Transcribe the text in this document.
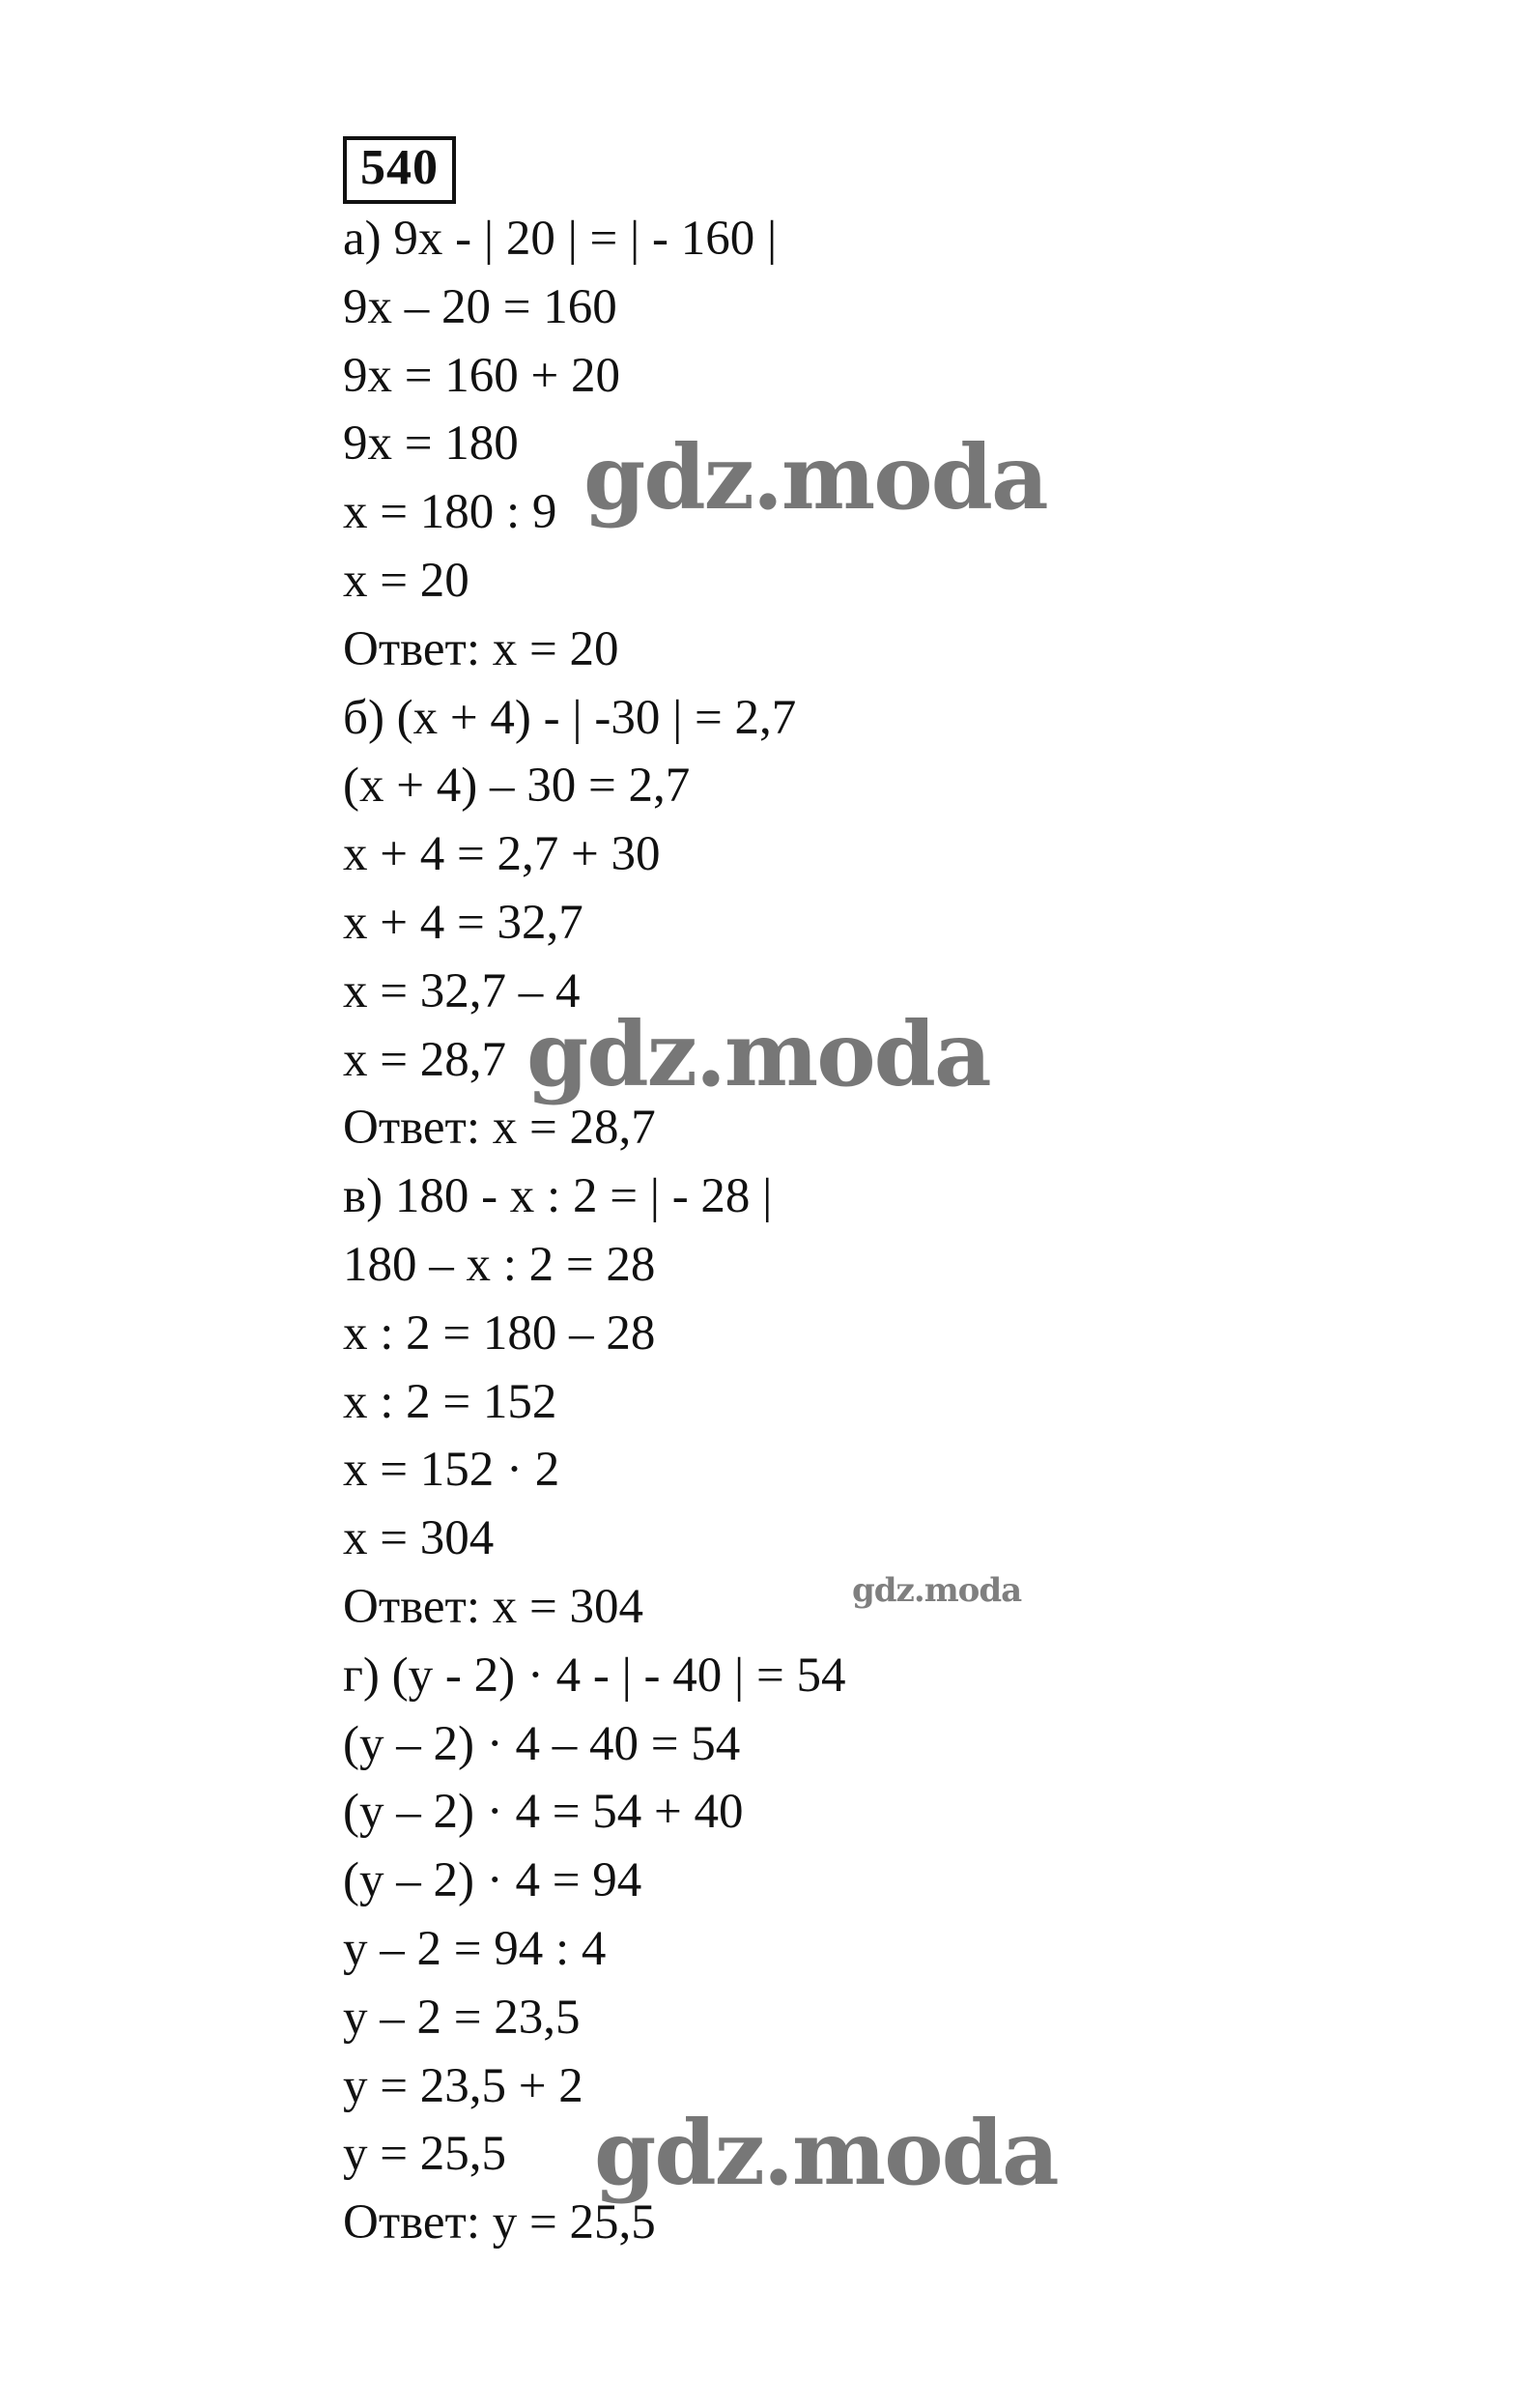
540
а) 9x - | 20 | = | - 160 |
9x – 20 = 160
9x = 160 + 20
9x = 180
x = 180 : 9
x = 20
Ответ: x = 20
б) (x + 4) - | -30 | = 2,7
(x + 4) – 30 = 2,7
x + 4 = 2,7 + 30
x + 4 = 32,7
x = 32,7 – 4
x = 28,7
Ответ: x = 28,7
в) 180 - x : 2 = | - 28 |
180 – x : 2 = 28
x : 2 = 180 – 28
x : 2 = 152
x = 152 · 2
x = 304
Ответ: x = 304
г) (y - 2) · 4 - | - 40 | = 54
(y – 2) · 4 – 40 = 54
(y – 2) · 4 = 54 + 40
(y – 2) · 4 = 94
y – 2 = 94 : 4
y – 2 = 23,5
y = 23,5 + 2
y = 25,5
Ответ: y = 25,5
gdz.moda
gdz.moda
gdz.moda
gdz.moda
